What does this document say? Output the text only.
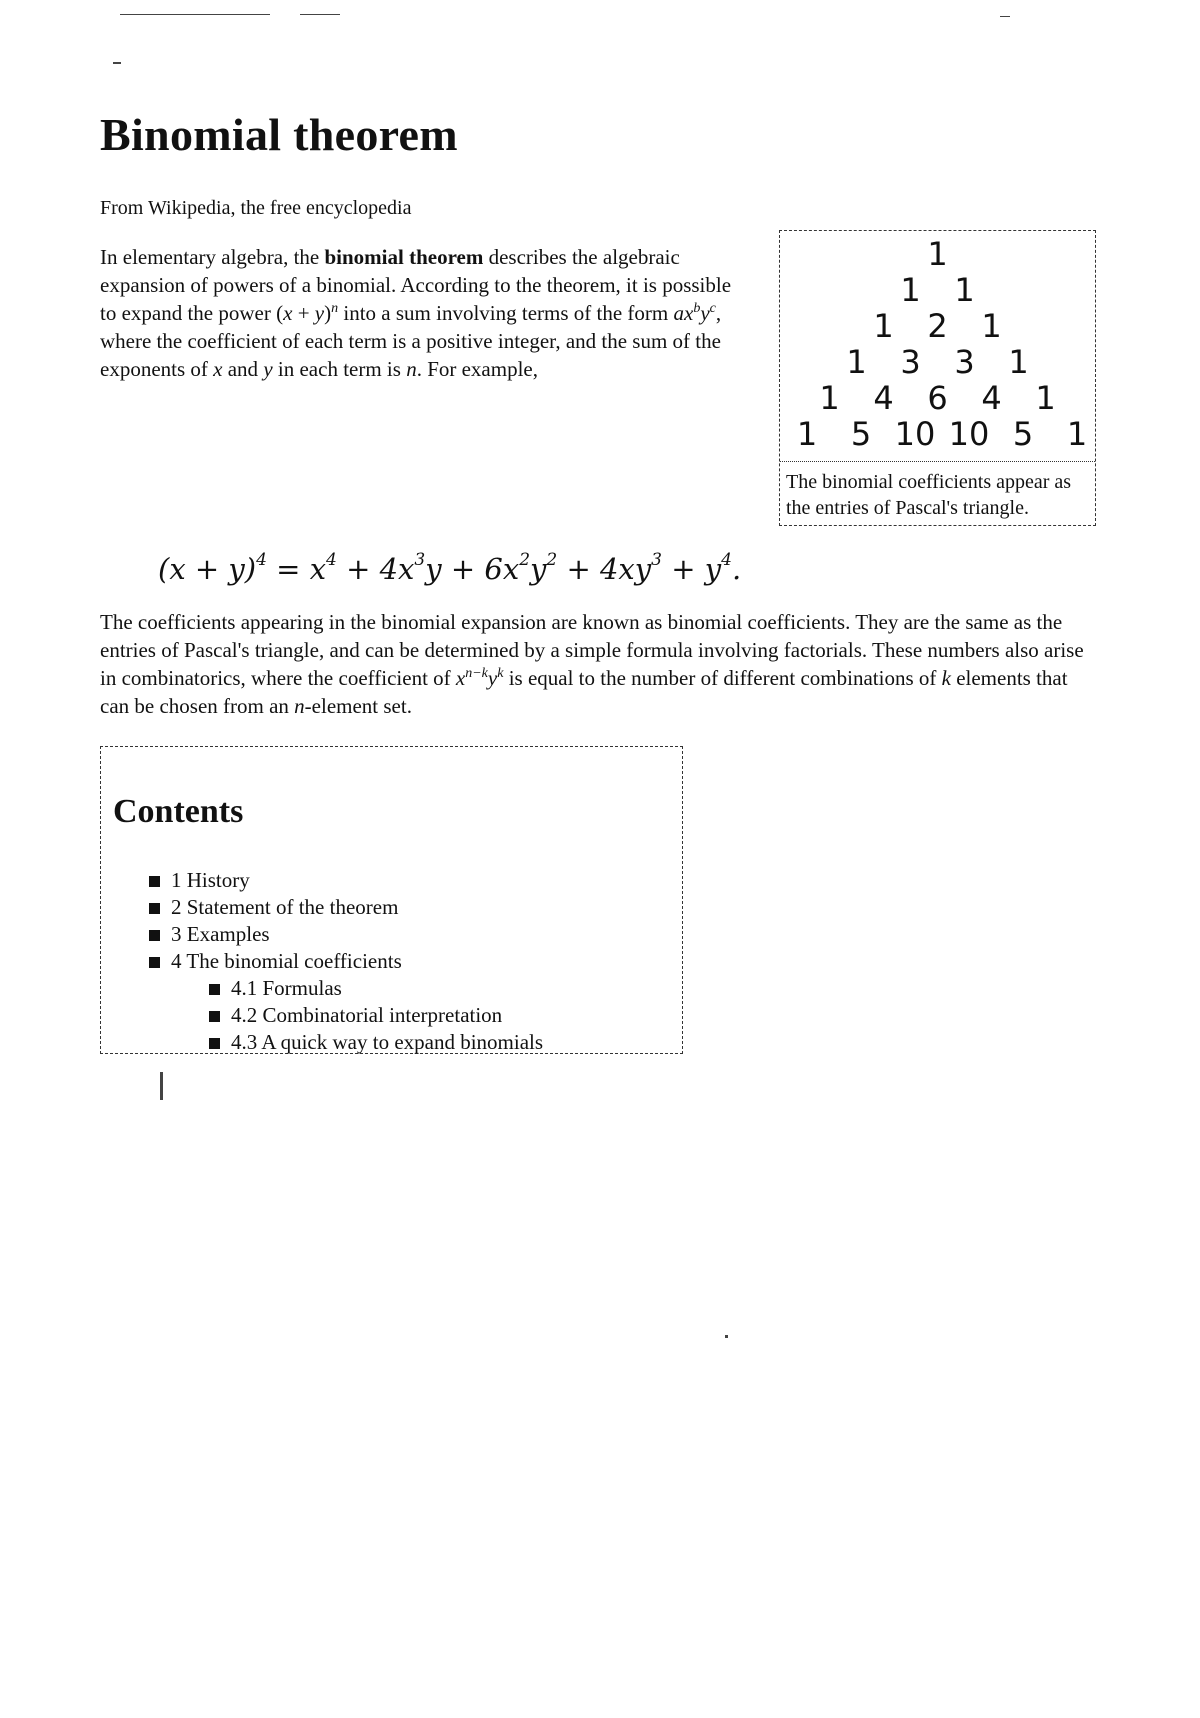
Binomial theorem

From Wikipedia, the free encyclopedia

In elementary algebra, the binomial theorem describes the algebraic expansion of powers of a binomial. According to the theorem, it is possible to expand the power $(x + y)^n$ into a sum involving terms of the form $ax^by^c$, where the coefficient of each term is a positive integer, and the sum of the exponents of x and y in each term is n. For example,

1
1 1
1 2 1
1 3 3 1
1 4 6 4 1
1 5 10 10 5 1

The binomial coefficients appear as the entries of Pascal's triangle.

$(x + y)^4 = x^4 + 4x^3y + 6x^2y^2 + 4xy^3 + y^4$.

The coefficients appearing in the binomial expansion are known as binomial coefficients. They are the same as the entries of Pascal's triangle, and can be determined by a simple formula involving factorials. These numbers also arise in combinatorics, where the coefficient of $x^{n-k}y^k$ is equal to the number of different combinations of k elements that can be chosen from an n-element set.

Contents
1 History
2 Statement of the theorem
3 Examples
4 The binomial coefficients
4.1 Formulas
4.2 Combinatorial interpretation
4.3 A quick way to expand binomials
